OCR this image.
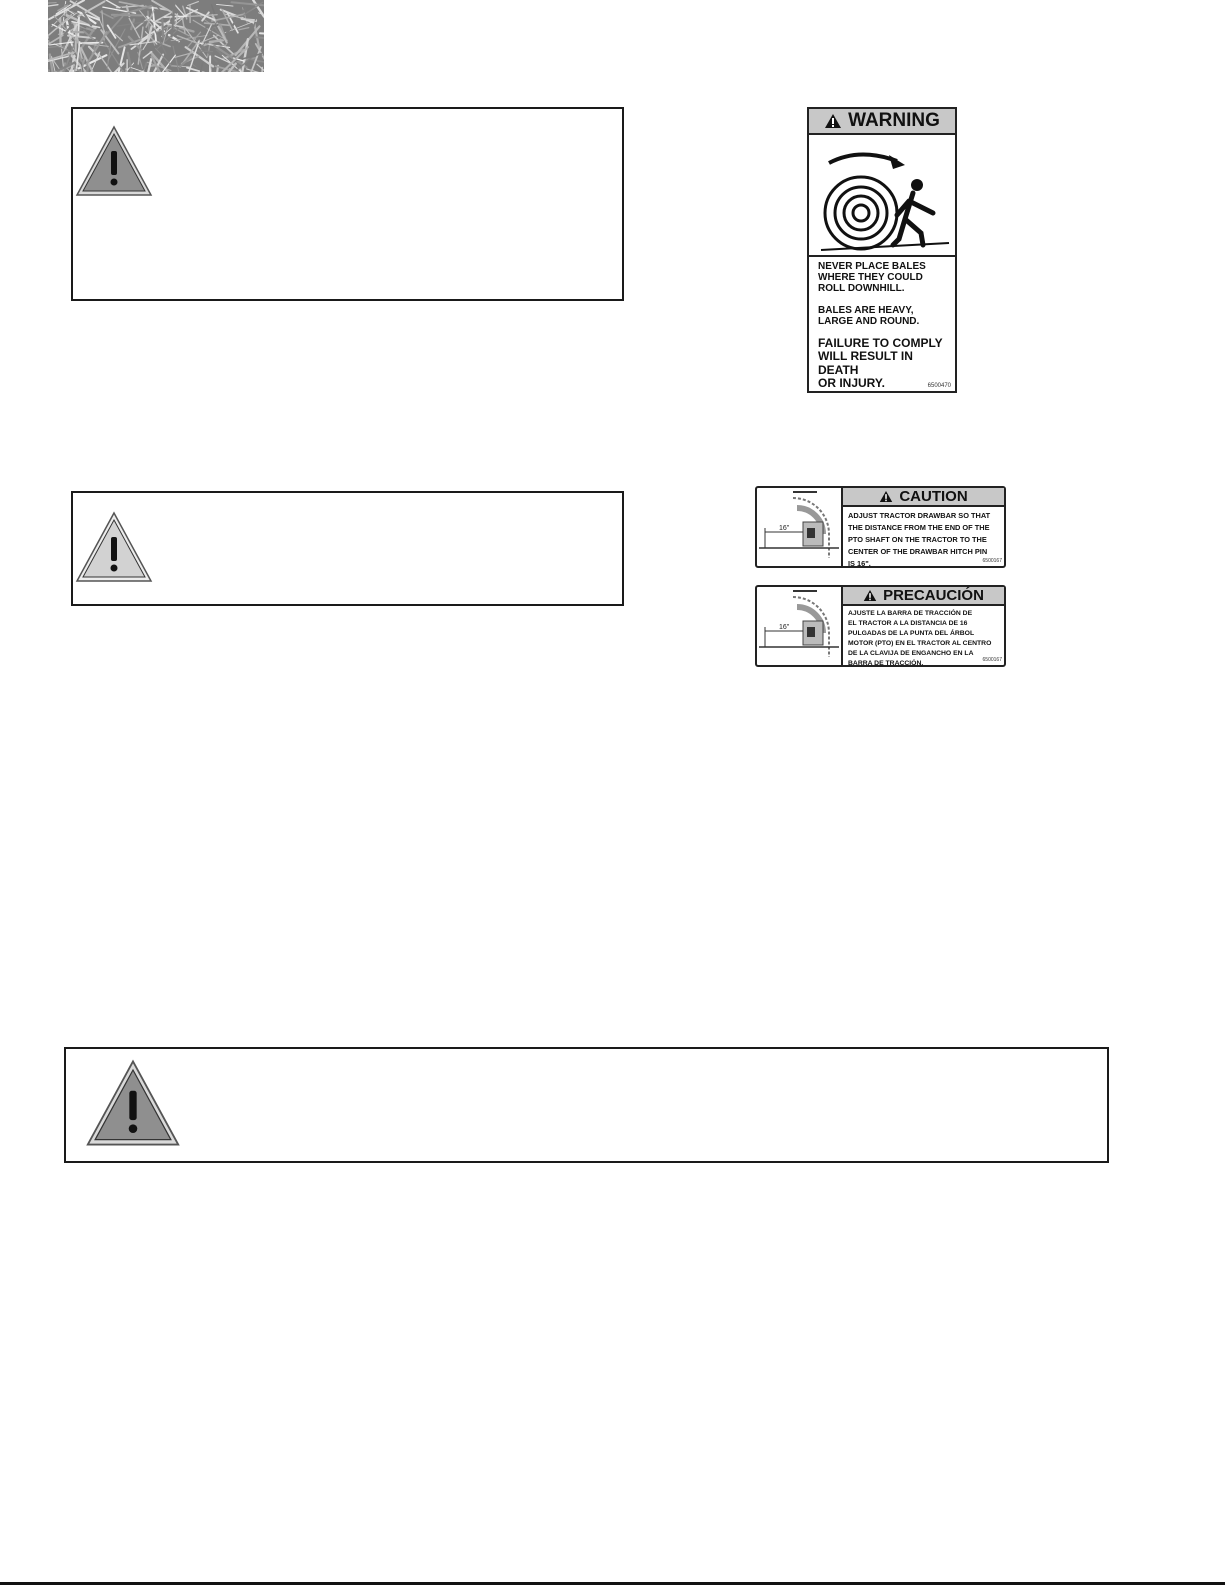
WARNING
NEVER PLACE BALES
WHERE THEY COULD
ROLL DOWNHILL.
BALES ARE HEAVY,
LARGE AND ROUND.
FAILURE TO COMPLY
WILL RESULT IN DEATH
OR INJURY.	6500470
16"
CAUTION
ADJUST TRACTOR DRAWBAR SO THAT
THE DISTANCE FROM THE END OF THE
PTO SHAFT ON THE TRACTOR TO THE
CENTER OF THE DRAWBAR HITCH PIN
IS 16".	6500167
16"
PRECAUCIÓN
AJUSTE LA BARRA DE TRACCIÓN DE
EL TRACTOR A LA DISTANCIA DE 16
PULGADAS DE LA PUNTA DEL ÁRBOL
MOTOR (PTO) EN EL TRACTOR AL CENTRO
DE LA CLAVIJA DE ENGANCHO EN LA
BARRA DE TRACCIÓN.	6500167
